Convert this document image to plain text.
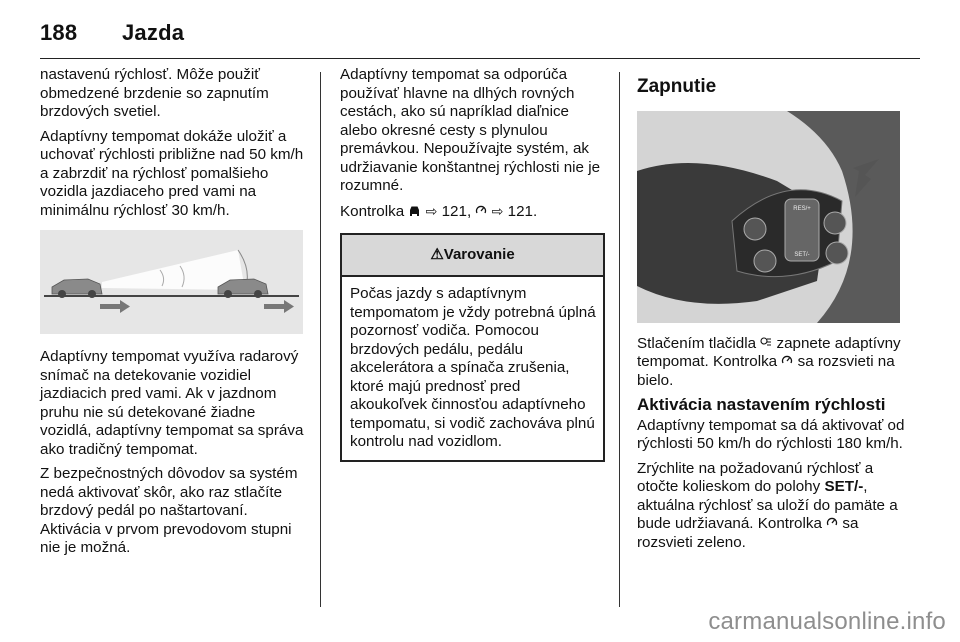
188 Jazda

nastavenú rýchlosť. Môže použiť obmedzené brzdenie so zapnutím brzdových svetiel.

Adaptívny tempomat dokáže uložiť a uchovať rýchlosti približne nad 50 km/h a zabrzdiť na rýchlosť pomalšieho vozidla jazdiaceho pred vami na minimálnu rýchlosť 30 km/h.

Adaptívny tempomat využíva radarový snímač na detekovanie vozidiel jazdiacich pred vami. Ak v jazdnom pruhu nie sú detekované žiadne vozidlá, adaptívny tempomat sa správa ako tradičný tempomat.

Z bezpečnostných dôvodov sa systém nedá aktivovať skôr, ako raz stlačíte brzdový pedál po naštartovaní. Aktivácia v prvom prevodovom stupni nie je možná.

Adaptívny tempomat sa odporúča používať hlavne na dlhých rovných cestách, ako sú napríklad diaľnice alebo okresné cesty s plynulou premávkou. Nepoužívajte systém, ak udržiavanie konštantnej rýchlosti nie je rozumné.

Kontrolka ⇨ 121, ⇨ 121.

⚠Varovanie
Počas jazdy s adaptívnym tempomatom je vždy potrebná úplná pozornosť vodiča. Pomocou brzdových pedálu, pedálu akcelerátora a spínača zrušenia, ktoré majú prednosť pred akoukoľvek činnosťou adaptívneho tempomatu, si vodič zachováva plnú kontrolu nad vozidlom.
Zapnutie
RES/+
SET/-

Stlačením tlačidla zapnete adaptívny tempomat. Kontrolka sa rozsvieti na bielo.

Aktivácia nastavením rýchlosti

Adaptívny tempomat sa dá aktivovať od rýchlosti 50 km/h do rýchlosti 180 km/h.

Zrýchlite na požadovanú rýchlosť a otočte kolieskom do polohy SET/-, aktuálna rýchlosť sa uloží do pamäte a bude udržiavaná. Kontrolka sa rozsvieti zeleno.

carmanualsonline.info
